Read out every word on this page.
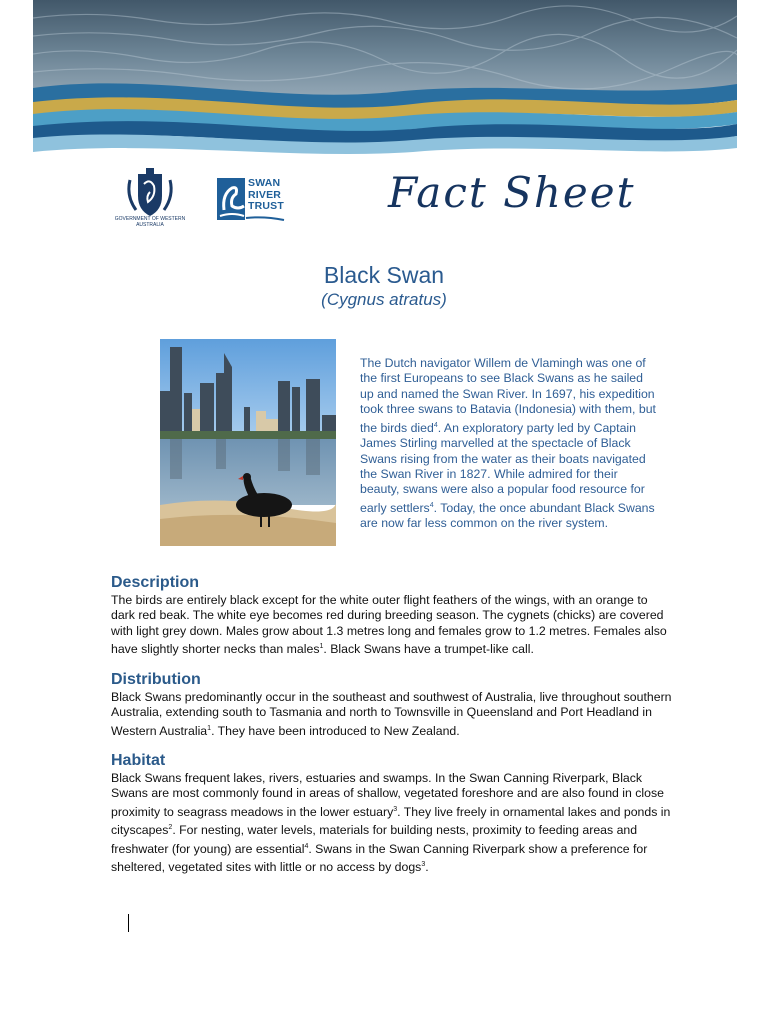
GOVERNMENT OF WESTERN AUSTRALIA
SWAN
RIVER
TRUST Fact Sheet
Black Swan
(Cygnus atratus)
The Dutch navigator Willem de Vlamingh was one of the first Europeans to see Black Swans as he sailed up and named the Swan River. In 1697, his expedition took three swans to Batavia (Indonesia) with them, but the birds died$^4$. An exploratory party led by Captain James Stirling marvelled at the spectacle of Black Swans rising from the water as their boats navigated the Swan River in 1827. While admired for their beauty, swans were also a popular food resource for early settlers$^4$. Today, the once abundant Black Swans are now far less common on the river system.
Description
The birds are entirely black except for the white outer flight feathers of the wings, with an orange to dark red beak. The white eye becomes red during breeding season. The cygnets (chicks) are covered with light grey down. Males grow about 1.3 metres long and females grow to 1.2 metres. Females also have slightly shorter necks than males$^1$. Black Swans have a trumpet-like call.
Distribution
Black Swans predominantly occur in the southeast and southwest of Australia, live throughout southern Australia, extending south to Tasmania and north to Townsville in Queensland and Port Headland in Western Australia$^1$. They have been introduced to New Zealand.
Habitat
Black Swans frequent lakes, rivers, estuaries and swamps. In the Swan Canning Riverpark, Black Swans are most commonly found in areas of shallow, vegetated foreshore and are also found in close proximity to seagrass meadows in the lower estuary$^3$. They live freely in ornamental lakes and ponds in cityscapes$^2$. For nesting, water levels, materials for building nests, proximity to feeding areas and freshwater (for young) are essential$^4$. Swans in the Swan Canning Riverpark show a preference for sheltered, vegetated sites with little or no access by dogs$^3$.
